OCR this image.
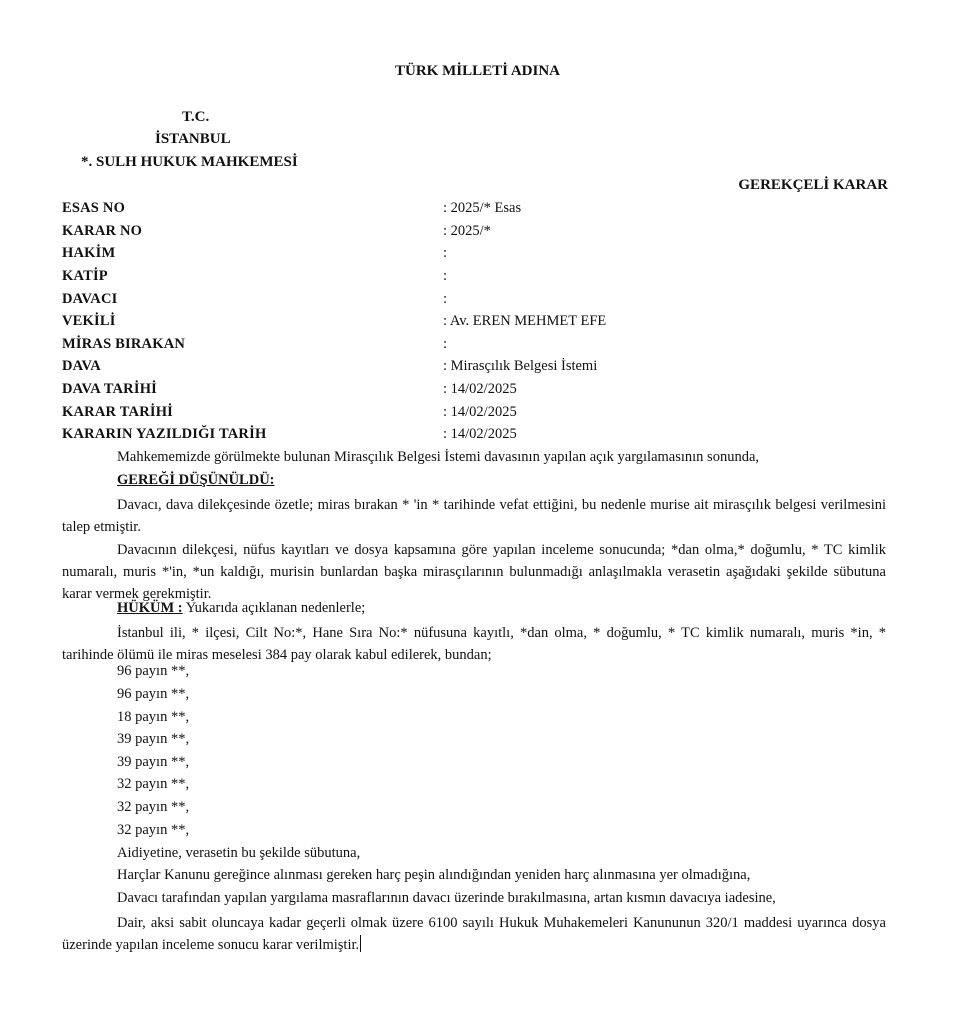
TÜRK MİLLETİ ADINA
T.C.
İSTANBUL
*. SULH HUKUK MAHKEMESİ
GEREKÇELİ KARAR
ESAS NO	: 2025/* Esas
KARAR NO	: 2025/*
HAKİM	:
KATİP	:
DAVACI	:
VEKİLİ	: Av. EREN MEHMET EFE
MİRAS BIRAKAN	:
DAVA	: Mirasçılık Belgesi İstemi
DAVA TARİHİ	: 14/02/2025
KARAR TARİHİ	: 14/02/2025
KARARIN YAZILDIĞI TARİH	: 14/02/2025
Mahkememizde görülmekte bulunan Mirasçılık Belgesi İstemi davasının yapılan açık yargılamasının sonunda,
GEREĞİ DÜŞÜNÜLDÜ:
Davacı, dava dilekçesinde özetle; miras bırakan * 'in * tarihinde vefat ettiğini, bu nedenle murise ait mirasçılık belgesi verilmesini talep etmiştir.
Davacının dilekçesi, nüfus kayıtları ve dosya kapsamına göre yapılan inceleme sonucunda; *dan olma,* doğumlu, * TC kimlik numaralı, muris *'in, *un kaldığı, murisin bunlardan başka mirasçılarının bulunmadığı anlaşılmakla verasetin aşağıdaki şekilde sübutuna karar vermek gerekmiştir.
HÜKÜM : Yukarıda açıklanan nedenlerle;
İstanbul ili, * ilçesi, Cilt No:*, Hane Sıra No:* nüfusuna kayıtlı, *dan olma, * doğumlu, * TC kimlik numaralı, muris *in, * tarihinde ölümü ile miras meselesi 384 pay olarak kabul edilerek, bundan;
96 payın **,
96 payın **,
18 payın **,
39 payın **,
39 payın **,
32 payın **,
32 payın **,
32 payın **,
Aidiyetine, verasetin bu şekilde sübutuna,
Harçlar Kanunu gereğince alınması gereken harç peşin alındığından yeniden harç alınmasına yer olmadığına,
Davacı tarafından yapılan yargılama masraflarının davacı üzerinde bırakılmasına, artan kısmın davacıya iadesine,
Dair, aksi sabit oluncaya kadar geçerli olmak üzere 6100 sayılı Hukuk Muhakemeleri Kanununun 320/1 maddesi uyarınca dosya üzerinde yapılan inceleme sonucu karar verilmiştir.
